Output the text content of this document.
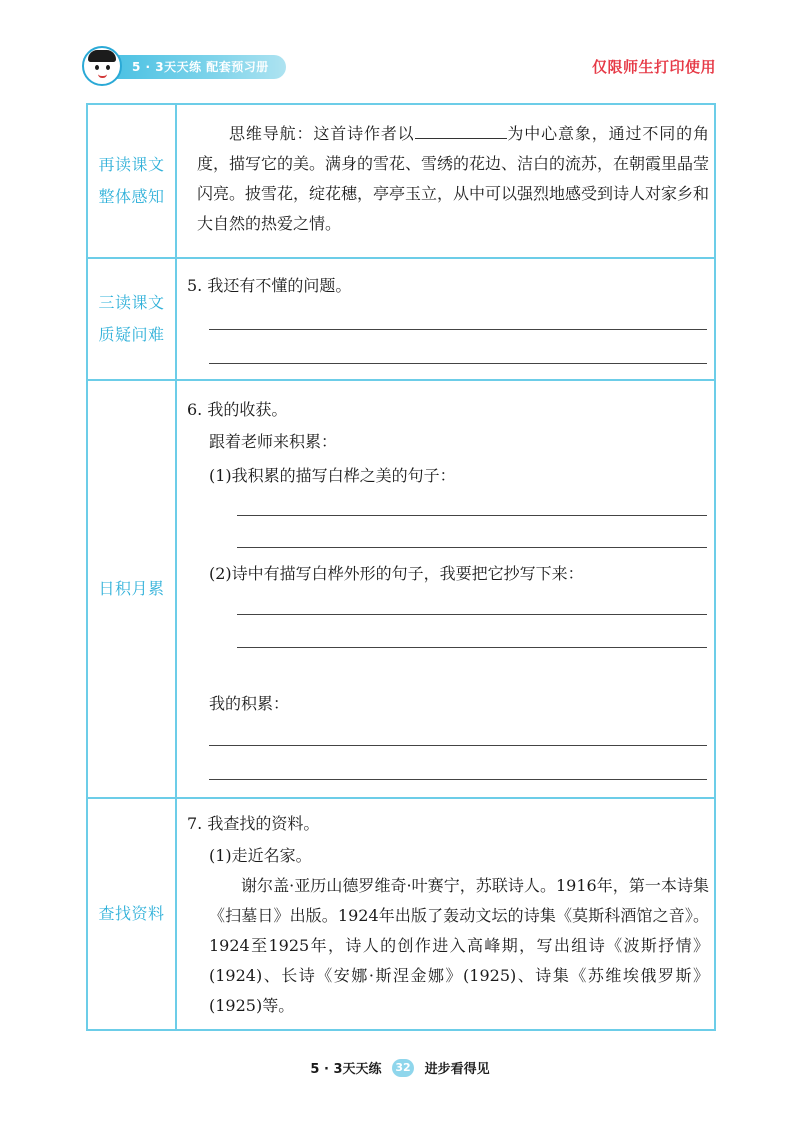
5 · 3天天练 配套预习册	仅限师生打印使用
再读课文
整体感知
思维导航：这首诗作者以	为中心意象，通过不同的角度，描写它的美。满身的雪花、雪绣的花边、洁白的流苏，在朝霞里晶莹闪亮。披雪花，绽花穗，亭亭玉立，从中可以强烈地感受到诗人对家乡和大自然的热爱之情。
三读课文
质疑问难
5. 我还有不懂的问题。
日积月累
6. 我的收获。
跟着老师来积累：
(1)我积累的描写白桦之美的句子：
(2)诗中有描写白桦外形的句子，我要把它抄写下来：
我的积累：
查找资料
7. 我查找的资料。
(1)走近名家。
谢尔盖·亚历山德罗维奇·叶赛宁，苏联诗人。1916年，第一本诗集《扫墓日》出版。1924年出版了轰动文坛的诗集《莫斯科酒馆之音》。1924至1925年，诗人的创作进入高峰期，写出组诗《波斯抒情》(1924)、长诗《安娜·斯涅金娜》(1925)、诗集《苏维埃俄罗斯》(1925)等。
5 · 3天天练 32 进步看得见
